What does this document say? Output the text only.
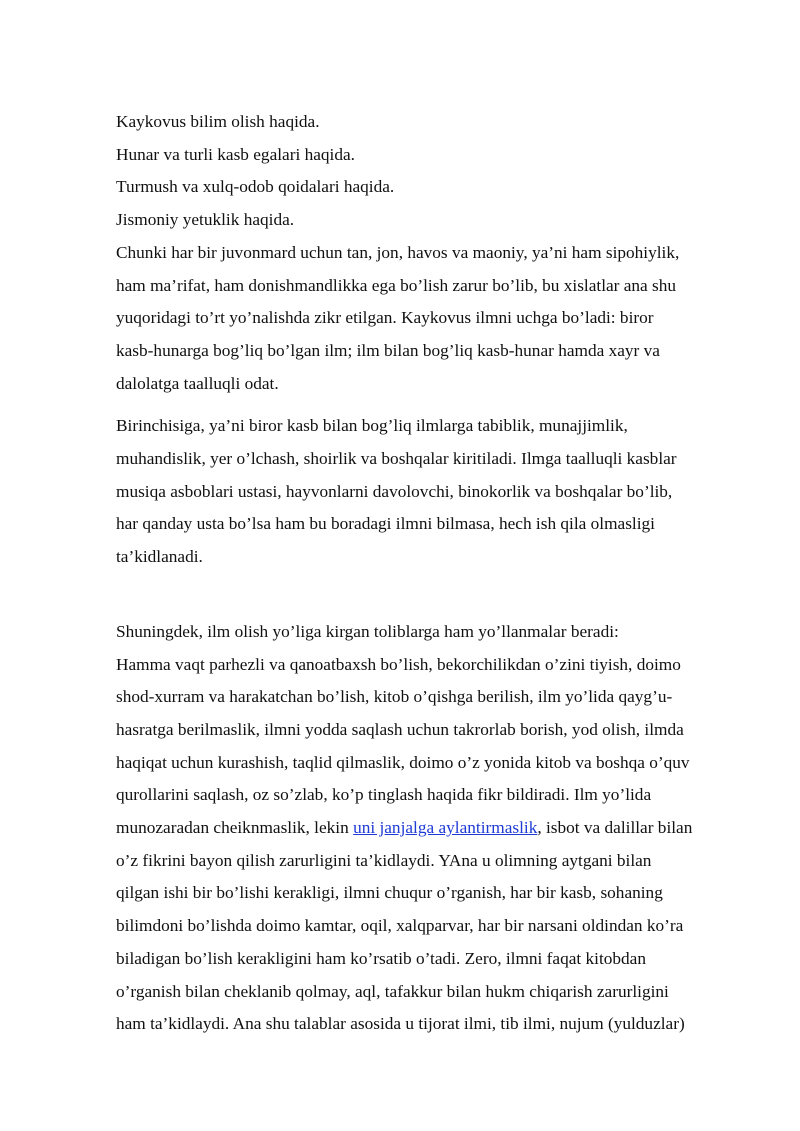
Kaykovus bilim olish haqida.
Hunar va turli kasb egalari haqida.
Turmush va xulq-odob qoidalari haqida.
Jismoniy yetuklik haqida.

Chunki har bir juvonmard uchun tan, jon, havos va maoniy, ya’ni ham sipohiylik,
ham ma’rifat, ham donishmandlikka ega bo’lish zarur bo’lib, bu xislatlar ana shu
yuqoridagi to’rt yo’nalishda zikr etilgan. Kaykovus ilmni uchga bo’ladi: biror
kasb-hunarga bog’liq bo’lgan ilm; ilm bilan bog’liq kasb-hunar hamda xayr va
dalolatga taalluqli odat.

Birinchisiga, ya’ni biror kasb bilan bog’liq ilmlarga tabiblik, munajjimlik,
muhandislik, yer o’lchash, shoirlik va boshqalar kiritiladi. Ilmga taalluqli kasblar
musiqa asboblari ustasi, hayvonlarni davolovchi, binokorlik va boshqalar bo’lib,
har qanday usta bo’lsa ham bu boradagi ilmni bilmasa, hech ish qila olmasligi
ta’kidlanadi.

Shuningdek, ilm olish yo’liga kirgan toliblarga ham yo’llanmalar beradi:
Hamma vaqt parhezli va qanoatbaxsh bo’lish, bekorchilikdan o’zini tiyish, doimo
shod-xurram va harakatchan bo’lish, kitob o’qishga berilish, ilm yo’lida qayg’u-
hasratga berilmaslik, ilmni yodda saqlash uchun takrorlab borish, yod olish, ilmda
haqiqat uchun kurashish, taqlid qilmaslik, doimo o’z yonida kitob va boshqa o’quv
qurollarini saqlash, oz so’zlab, ko’p tinglash haqida fikr bildiradi. Ilm yo’lida
munozaradan cheiknmaslik, lekin uni janjalga aylantirmaslik, isbot va dalillar bilan
o’z fikrini bayon qilish zarurligini ta’kidlaydi. YAna u olimning aytgani bilan
qilgan ishi bir bo’lishi kerakligi, ilmni chuqur o’rganish, har bir kasb, sohaning
bilimdoni bo’lishda doimo kamtar, oqil, xalqparvar, har bir narsani oldindan ko’ra
biladigan bo’lish kerakligini ham ko’rsatib o’tadi. Zero, ilmni faqat kitobdan
o’rganish bilan cheklanib qolmay, aql, tafakkur bilan hukm chiqarish zarurligini
ham ta’kidlaydi. Ana shu talablar asosida u tijorat ilmi, tib ilmi, nujum (yulduzlar)
